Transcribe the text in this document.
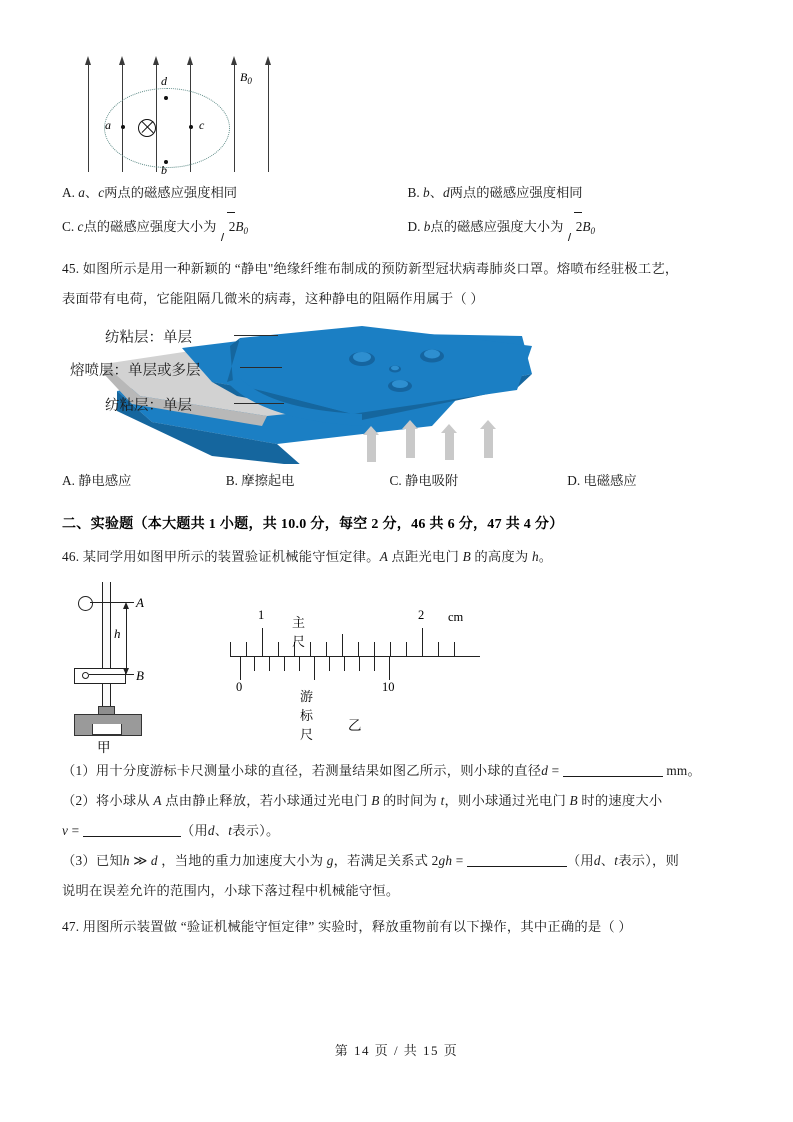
a
b
c
d	$B_0$
A. a、c两点的磁感应强度相同	B. b、d两点的磁感应强度相同
C. c点的磁感应强度大小为 $2B_0$	D. b点的磁感应强度大小为 $2B_0$
45. 如图所示是用一种新颖的 “静电"绝缘纤维布制成的预防新型冠状病毒肺炎口罩。熔喷布经驻极工艺，
表面带有电荷，它能阻隔几微米的病毒，这种静电的阻隔作用属于（ ）
纺粘层：单层
熔喷层：单层或多层
纺粘层：单层
A. 静电感应	B. 摩擦起电	C. 静电吸附	D. 电磁感应
二、实验题（本大题共 1 小题，共 10.0 分，每空 2 分，46 共 6 分，47 共 4 分）
46. 某同学用如图甲所示的装置验证机械能守恒定律。A 点距光电门 B 的高度为 h。
A
B
h
甲
1	2 cm
0	10
主尺
游标尺
乙
（1）用十分度游标卡尺测量小球的直径，若测量结果如图乙所示，则小球的直径d =	mm。
（2）将小球从 A 点由静止释放，若小球通过光电门 B 的时间为 t，则小球通过光电门 B 时的速度大小
v =	（用d、t表示）。
（3）已知h ≫ d ，当地的重力加速度大小为 g，若满足关系式 2gh =	（用d、t表示），则
说明在误差允许的范围内，小球下落过程中机械能守恒。
47. 用图所示装置做 “验证机械能守恒定律” 实验时，释放重物前有以下操作，其中正确的是（ ）
第 14 页 / 共 15 页
